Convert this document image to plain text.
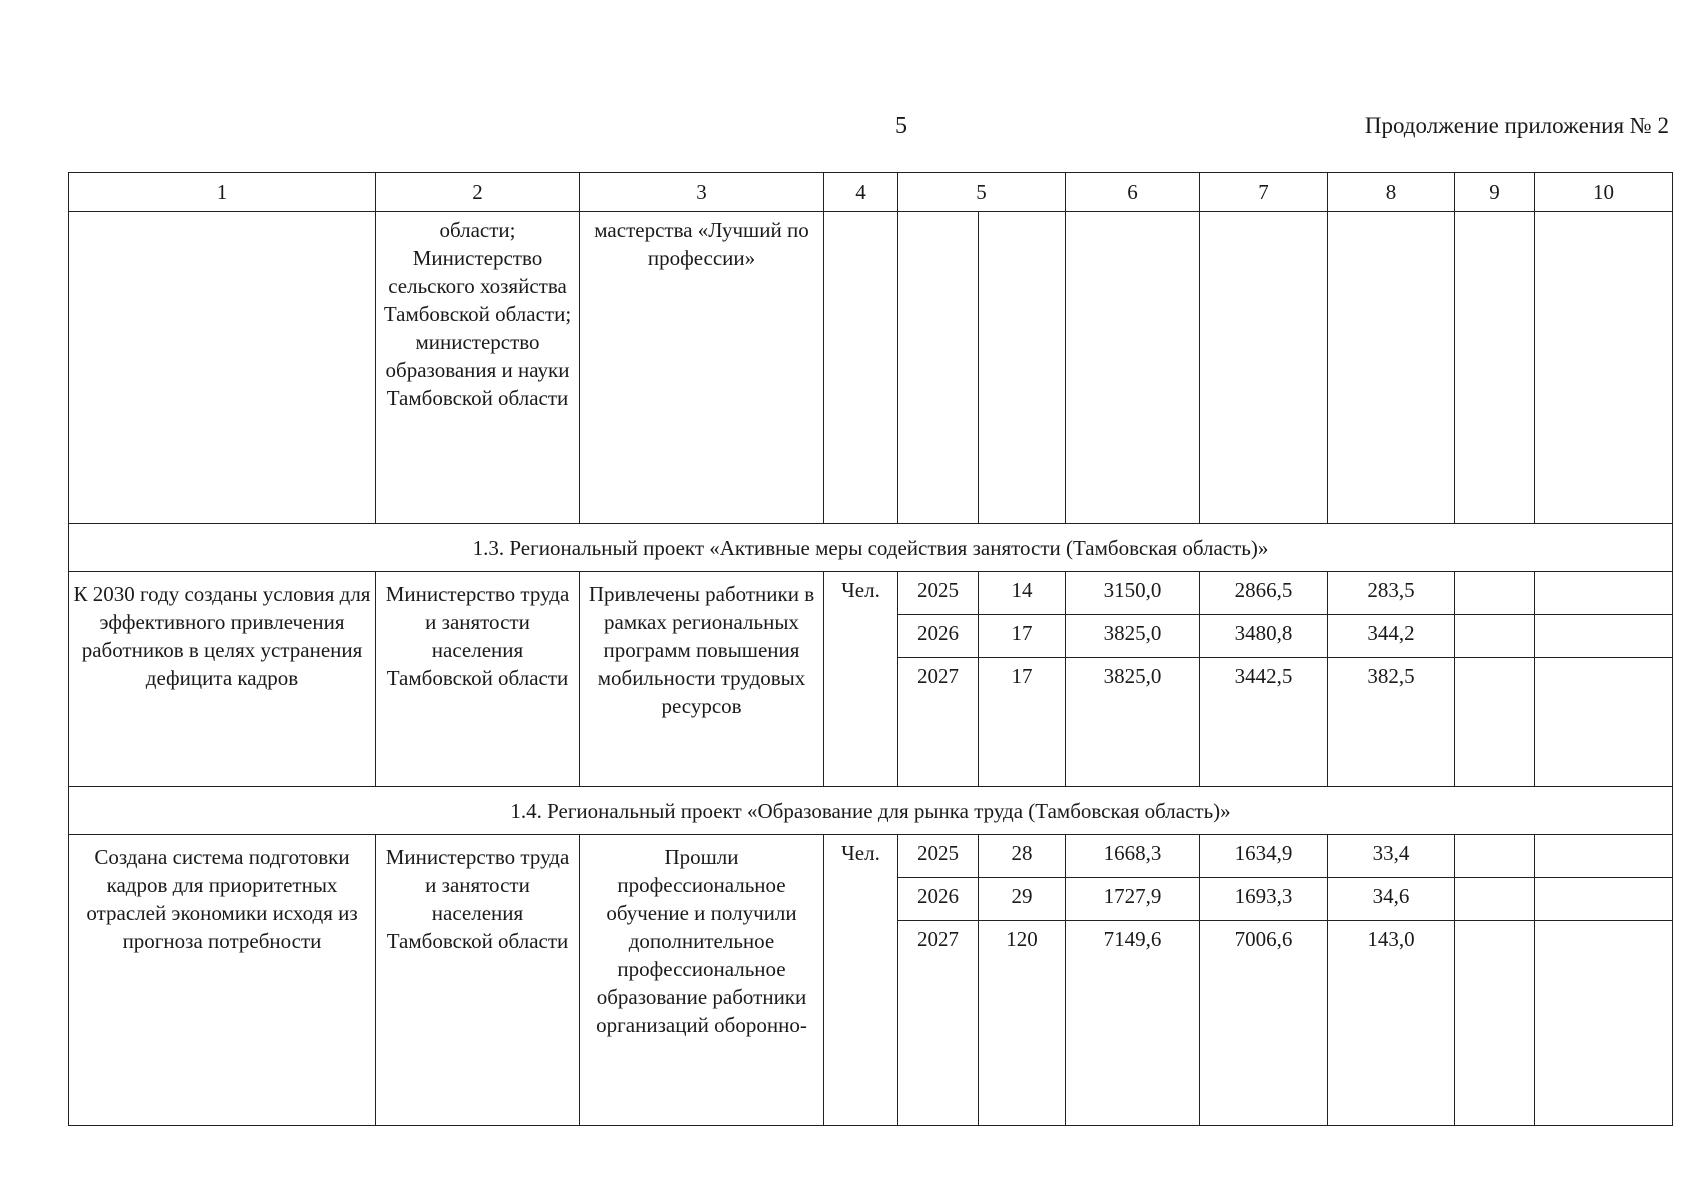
5	Продолжение приложения № 2
1	2	3	4	5		6	7	8	9	10
	области; Министерство сельского хозяйства Тамбовской области; министерство образования и науки Тамбовской области	мастерства «Лучший по профессии»								
1.3. Региональный проект «Активные меры содействия занятости (Тамбовская область)»										
К 2030 году созданы условия для эффективного привлечения работников в целях устранения дефицита кадров	Министерство труда и занятости населения Тамбовской области	Привлечены работники в рамках региональных программ повышения мобильности трудовых ресурсов	Чел.	2025	14	3150,0	2866,5	283,5		
				2026	17	3825,0	3480,8	344,2		
				2027	17	3825,0	3442,5	382,5		
1.4. Региональный проект «Образование для рынка труда (Тамбовская область)»										
Создана система подготовки кадров для приоритетных отраслей экономики исходя из прогноза потребности	Министерство труда и занятости населения Тамбовской области	Прошли профессиональное обучение и получили дополнительное профессиональное образование работники организаций оборонно-	Чел.	2025	28	1668,3	1634,9	33,4		
				2026	29	1727,9	1693,3	34,6		
				2027	120	7149,6	7006,6	143,0		
